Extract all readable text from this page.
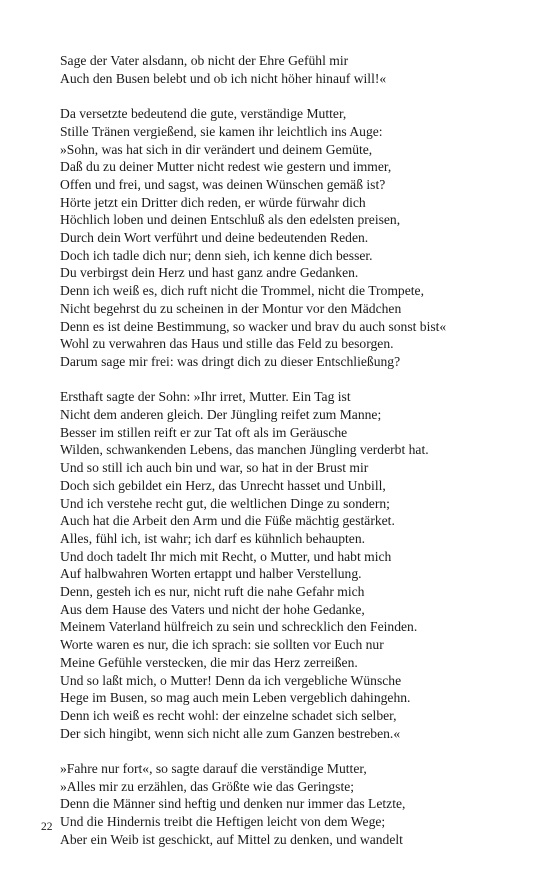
Sage der Vater alsdann, ob nicht der Ehre Gefühl mir
Auch den Busen belebt und ob ich nicht höher hinauf will!«
Da versetzte bedeutend die gute, verständige Mutter,
Stille Tränen vergießend, sie kamen ihr leichtlich ins Auge:
»Sohn, was hat sich in dir verändert und deinem Gemüte,
Daß du zu deiner Mutter nicht redest wie gestern und immer,
Offen und frei, und sagst, was deinen Wünschen gemäß ist?
Hörte jetzt ein Dritter dich reden, er würde fürwahr dich
Höchlich loben und deinen Entschluß als den edelsten preisen,
Durch dein Wort verführt und deine bedeutenden Reden.
Doch ich tadle dich nur; denn sieh, ich kenne dich besser.
Du verbirgst dein Herz und hast ganz andre Gedanken.
Denn ich weiß es, dich ruft nicht die Trommel, nicht die Trompete,
Nicht begehrst du zu scheinen in der Montur vor den Mädchen
Denn es ist deine Bestimmung, so wacker und brav du auch sonst bist«
Wohl zu verwahren das Haus und stille das Feld zu besorgen.
Darum sage mir frei: was dringt dich zu dieser Entschließung?
Ersthaft sagte der Sohn: »Ihr irret, Mutter. Ein Tag ist
Nicht dem anderen gleich. Der Jüngling reifet zum Manne;
Besser im stillen reift er zur Tat oft als im Geräusche
Wilden, schwankenden Lebens, das manchen Jüngling verderbt hat.
Und so still ich auch bin und war, so hat in der Brust mir
Doch sich gebildet ein Herz, das Unrecht hasset und Unbill,
Und ich verstehe recht gut, die weltlichen Dinge zu sondern;
Auch hat die Arbeit den Arm und die Füße mächtig gestärket.
Alles, fühl ich, ist wahr; ich darf es kühnlich behaupten.
Und doch tadelt Ihr mich mit Recht, o Mutter, und habt mich
Auf halbwahren Worten ertappt und halber Verstellung.
Denn, gesteh ich es nur, nicht ruft die nahe Gefahr mich
Aus dem Hause des Vaters und nicht der hohe Gedanke,
Meinem Vaterland hülfreich zu sein und schrecklich den Feinden.
Worte waren es nur, die ich sprach: sie sollten vor Euch nur
Meine Gefühle verstecken, die mir das Herz zerreißen.
Und so laßt mich, o Mutter! Denn da ich vergebliche Wünsche
Hege im Busen, so mag auch mein Leben vergeblich dahingehn.
Denn ich weiß es recht wohl: der einzelne schadet sich selber,
Der sich hingibt, wenn sich nicht alle zum Ganzen bestreben.«
»Fahre nur fort«, so sagte darauf die verständige Mutter,
»Alles mir zu erzählen, das Größte wie das Geringste;
Denn die Männer sind heftig und denken nur immer das Letzte,
Und die Hindernis treibt die Heftigen leicht von dem Wege;
Aber ein Weib ist geschickt, auf Mittel zu denken, und wandelt
22
